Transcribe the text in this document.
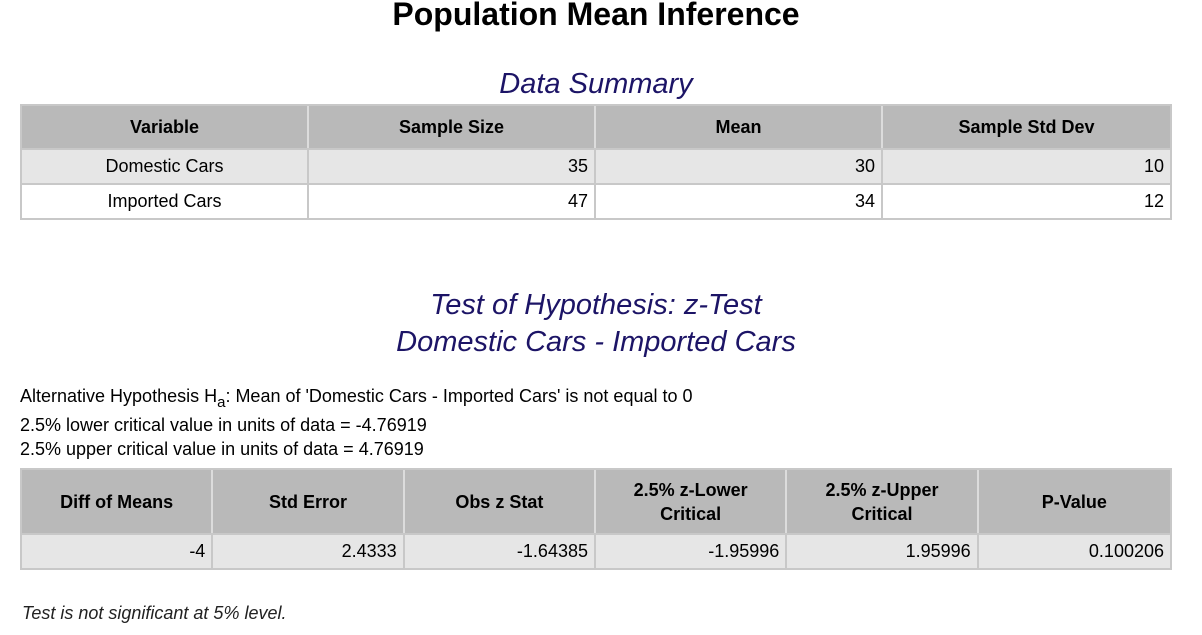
Population Mean Inference
Data Summary
Variable	Sample Size	Mean	Sample Std Dev
Domestic Cars	35	30	10
Imported Cars	47	34	12
Test of Hypothesis: z-Test
Domestic Cars - Imported Cars
Alternative Hypothesis $H_a$: Mean of 'Domestic Cars - Imported Cars' is not equal to 0
2.5% lower critical value in units of data = -4.76919
2.5% upper critical value in units of data = 4.76919
Diff of Means	Std Error	Obs z Stat	2.5% z-Lower Critical	2.5% z-Upper Critical	P-Value
-4	2.4333	-1.64385	-1.95996	1.95996	0.100206
Test is not significant at 5% level.
